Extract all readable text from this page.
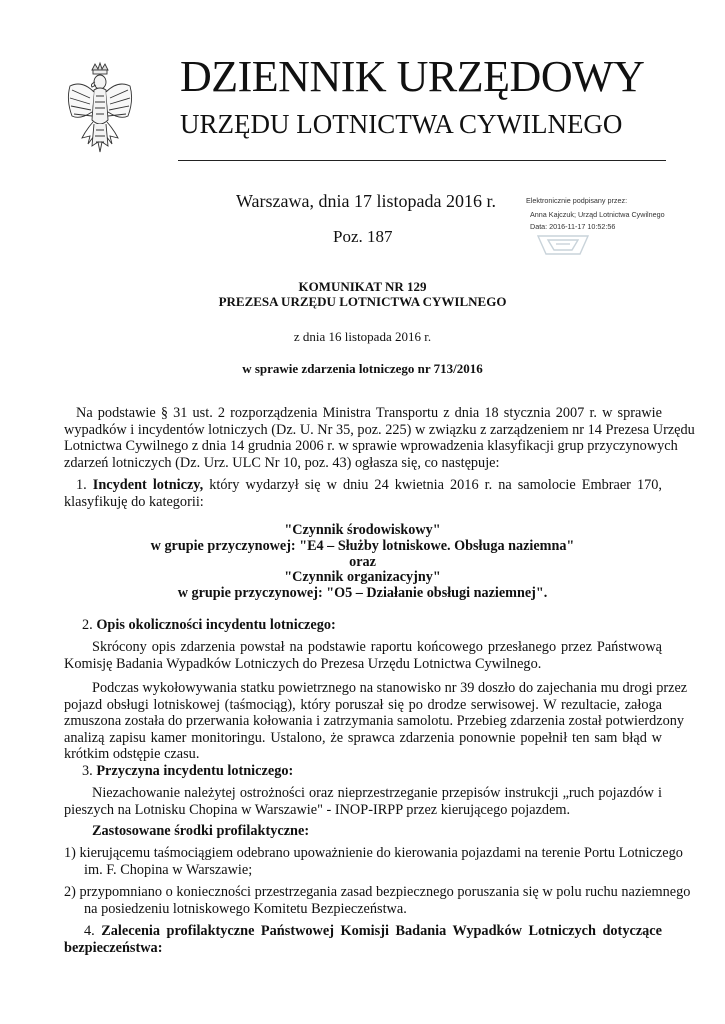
DZIENNIK URZĘDOWY
URZĘDU LOTNICTWA CYWILNEGO
Warszawa, dnia 17 listopada 2016 r.
Poz. 187
Elektronicznie podpisany przez:
Anna Kajczuk; Urząd Lotnictwa Cywilnego
Data: 2016-11-17 10:52:56
KOMUNIKAT NR 129
PREZESA URZĘDU LOTNICTWA CYWILNEGO
z dnia 16 listopada 2016 r.
w sprawie zdarzenia lotniczego nr 713/2016
Na podstawie § 31 ust. 2 rozporządzenia Ministra Transportu z dnia 18 stycznia 2007 r. w sprawie
wypadków i incydentów lotniczych (Dz. U. Nr 35, poz. 225) w związku z zarządzeniem nr 14 Prezesa Urzędu
Lotnictwa Cywilnego z dnia 14 grudnia 2006 r. w sprawie wprowadzenia klasyfikacji grup przyczynowych
zdarzeń lotniczych (Dz. Urz. ULC Nr 10, poz. 43) ogłasza się, co następuje:
1. Incydent lotniczy, który wydarzył się w dniu 24 kwietnia 2016 r. na samolocie Embraer 170,
klasyfikuję do kategorii:
"Czynnik środowiskowy"
w grupie przyczynowej: "E4 – Służby lotniskowe. Obsługa naziemna"
oraz
"Czynnik organizacyjny"
w grupie przyczynowej: "O5 – Działanie obsługi naziemnej".
2. Opis okoliczności incydentu lotniczego:
Skrócony opis zdarzenia powstał na podstawie raportu końcowego przesłanego przez Państwową
Komisję Badania Wypadków Lotniczych do Prezesa Urzędu Lotnictwa Cywilnego.
Podczas wykołowywania statku powietrznego na stanowisko nr 39 doszło do zajechania mu drogi przez
pojazd obsługi lotniskowej (taśmociąg), który poruszał się po drodze serwisowej. W rezultacie, załoga
zmuszona została do przerwania kołowania i zatrzymania samolotu. Przebieg zdarzenia został potwierdzony
analizą zapisu kamer monitoringu. Ustalono, że sprawca zdarzenia ponownie popełnił ten sam błąd w
krótkim odstępie czasu.
3. Przyczyna incydentu lotniczego:
Niezachowanie należytej ostrożności oraz nieprzestrzeganie przepisów instrukcji „ruch pojazdów i
pieszych na Lotnisku Chopina w Warszawie" - INOP-IRPP przez kierującego pojazdem.
Zastosowane środki profilaktyczne:
1) kierującemu taśmociągiem odebrano upoważnienie do kierowania pojazdami na terenie Portu Lotniczego
im. F. Chopina w Warszawie;
2) przypomniano o konieczności przestrzegania zasad bezpiecznego poruszania się w polu ruchu naziemnego
na posiedzeniu lotniskowego Komitetu Bezpieczeństwa.
4. Zalecenia profilaktyczne Państwowej Komisji Badania Wypadków Lotniczych dotyczące
bezpieczeństwa:
